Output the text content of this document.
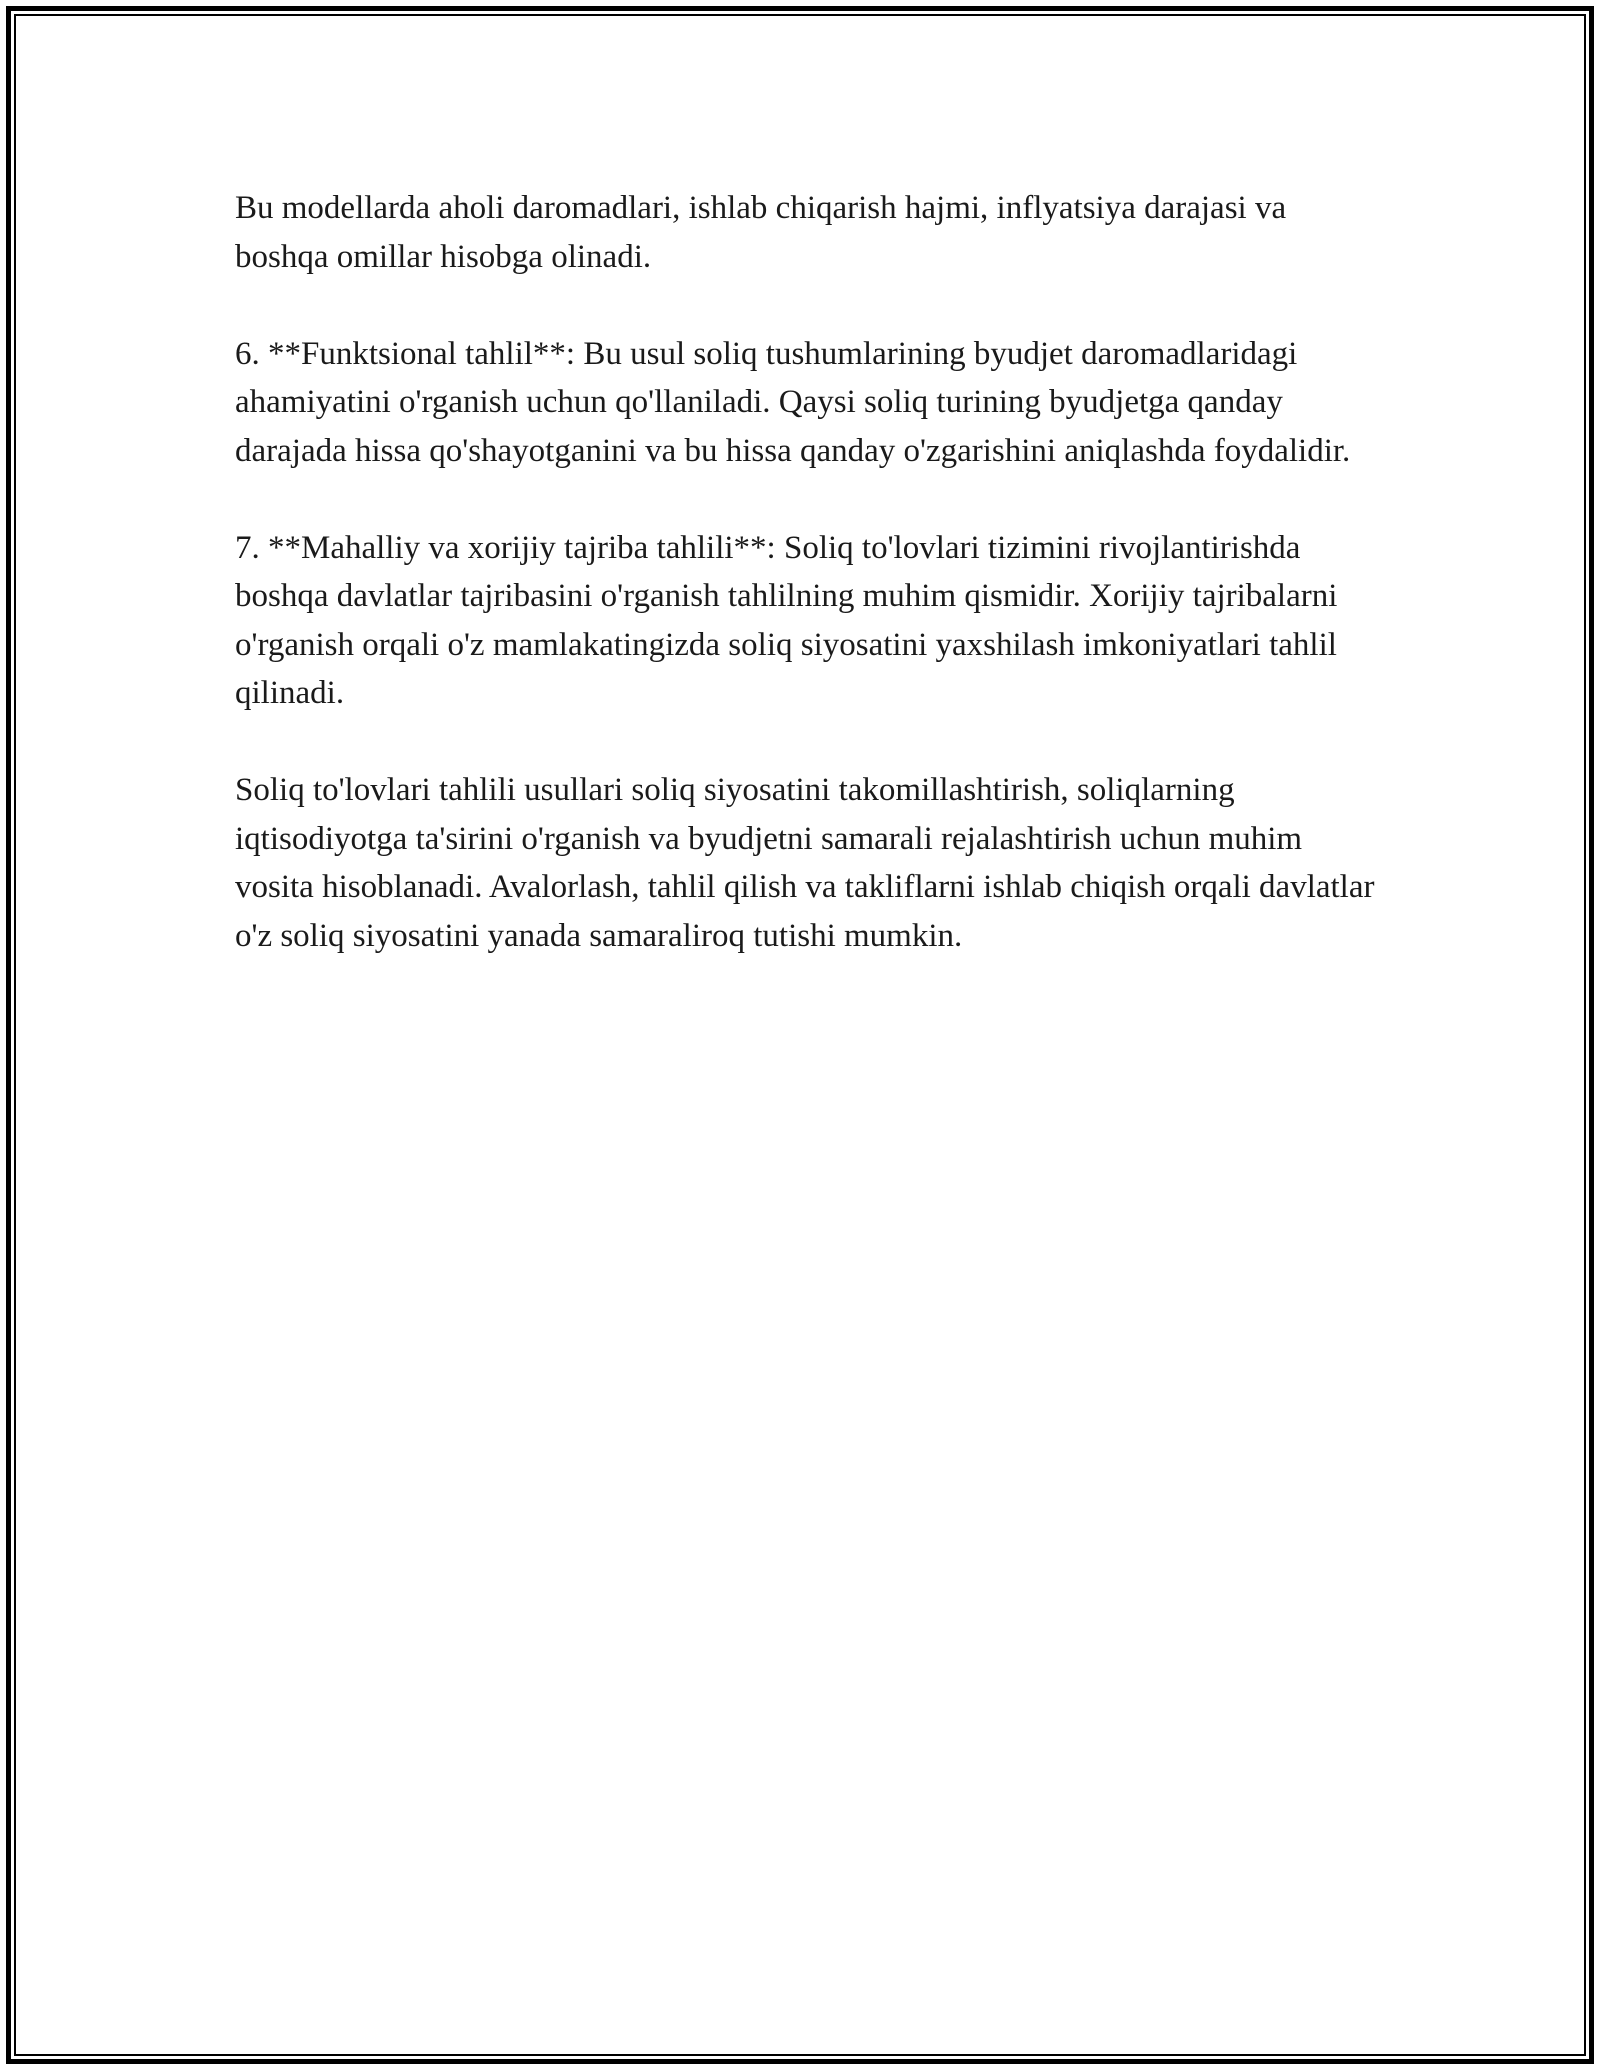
Bu modellarda aholi daromadlari, ishlab chiqarish hajmi, inflyatsiya darajasi va boshqa omillar hisobga olinadi.

6. **Funktsional tahlil**: Bu usul soliq tushumlarining byudjet daromadlaridagi ahamiyatini o'rganish uchun qo'llaniladi. Qaysi soliq turining byudjetga qanday darajada hissa qo'shayotganini va bu hissa qanday o'zgarishini aniqlashda foydalidir.

7. **Mahalliy va xorijiy tajriba tahlili**: Soliq to'lovlari tizimini rivojlantirishda boshqa davlatlar tajribasini o'rganish tahlilning muhim qismidir. Xorijiy tajribalarni o'rganish orqali o'z mamlakatingizda soliq siyosatini yaxshilash imkoniyatlari tahlil qilinadi.

Soliq to'lovlari tahlili usullari soliq siyosatini takomillashtirish, soliqlarning iqtisodiyotga ta'sirini o'rganish va byudjetni samarali rejalashtirish uchun muhim vosita hisoblanadi. Avalorlash, tahlil qilish va takliflarni ishlab chiqish orqali davlatlar o'z soliq siyosatini yanada samaraliroq tutishi mumkin.
